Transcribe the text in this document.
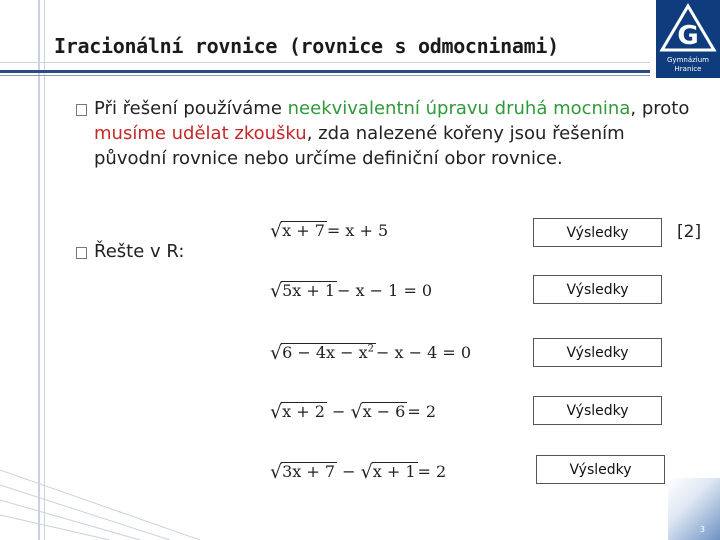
Iracionální rovnice (rovnice s odmocninami)	G
Gymnázium
Hranice
Při řešení používáme neekvivalentní úpravu druhá mocnina, proto musíme udělat zkoušku, zda nalezené kořeny jsou řešením původní rovnice nebo určíme definiční obor rovnice.
Řešte v R:
√ x + 7 = x + 5
√ 5x + 1 − x − 1 = 0
√ $6 - 4x - x^2 - x - 4 = 0$
√ x + 2 − √ x − 6 = 2
√ 3x + 7 − √ x + 1 = 2
Výsledky
Výsledky
Výsledky
Výsledky
Výsledky
[2]
3
